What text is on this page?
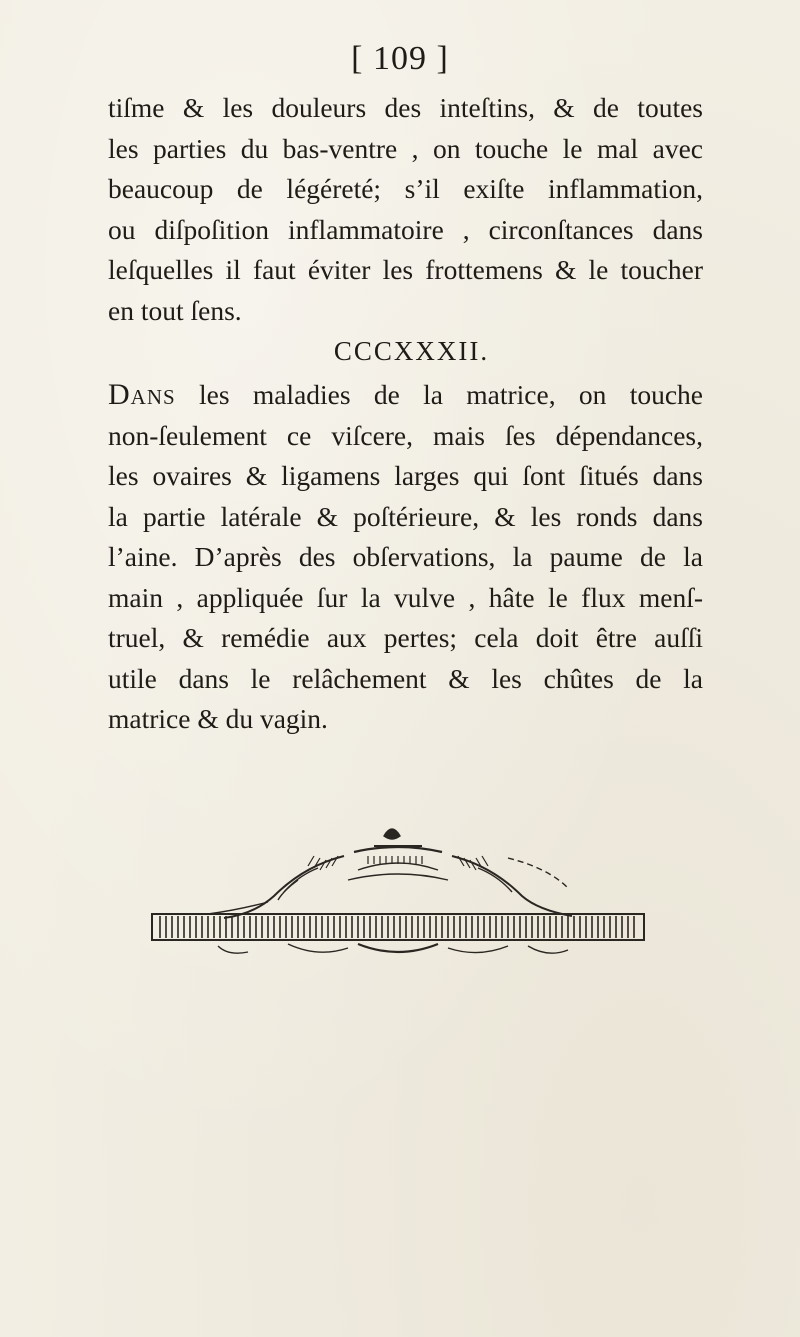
[ 109 ]
tiſme & les douleurs des inteſtins, & de toutes
les parties du bas-ventre , on touche le mal avec
beaucoup de légéreté; s’il exiſte inflammation,
ou diſpoſition inflammatoire , circonſtances dans
leſquelles il faut éviter les frottemens & le toucher
en tout ſens.
CCCXXXII.
Dans les maladies de la matrice, on touche
non-ſeulement ce viſcere, mais ſes dépendances,
les ovaires & ligamens larges qui ſont ſitués dans
la partie latérale & poſtérieure, & les ronds dans
l’aine. D’après des obſervations, la paume de la
main , appliquée ſur la vulve , hâte le flux menſ-
truel, & remédie aux pertes; cela doit être auſſi
utile dans le relâchement & les chûtes de la
matrice & du vagin.
